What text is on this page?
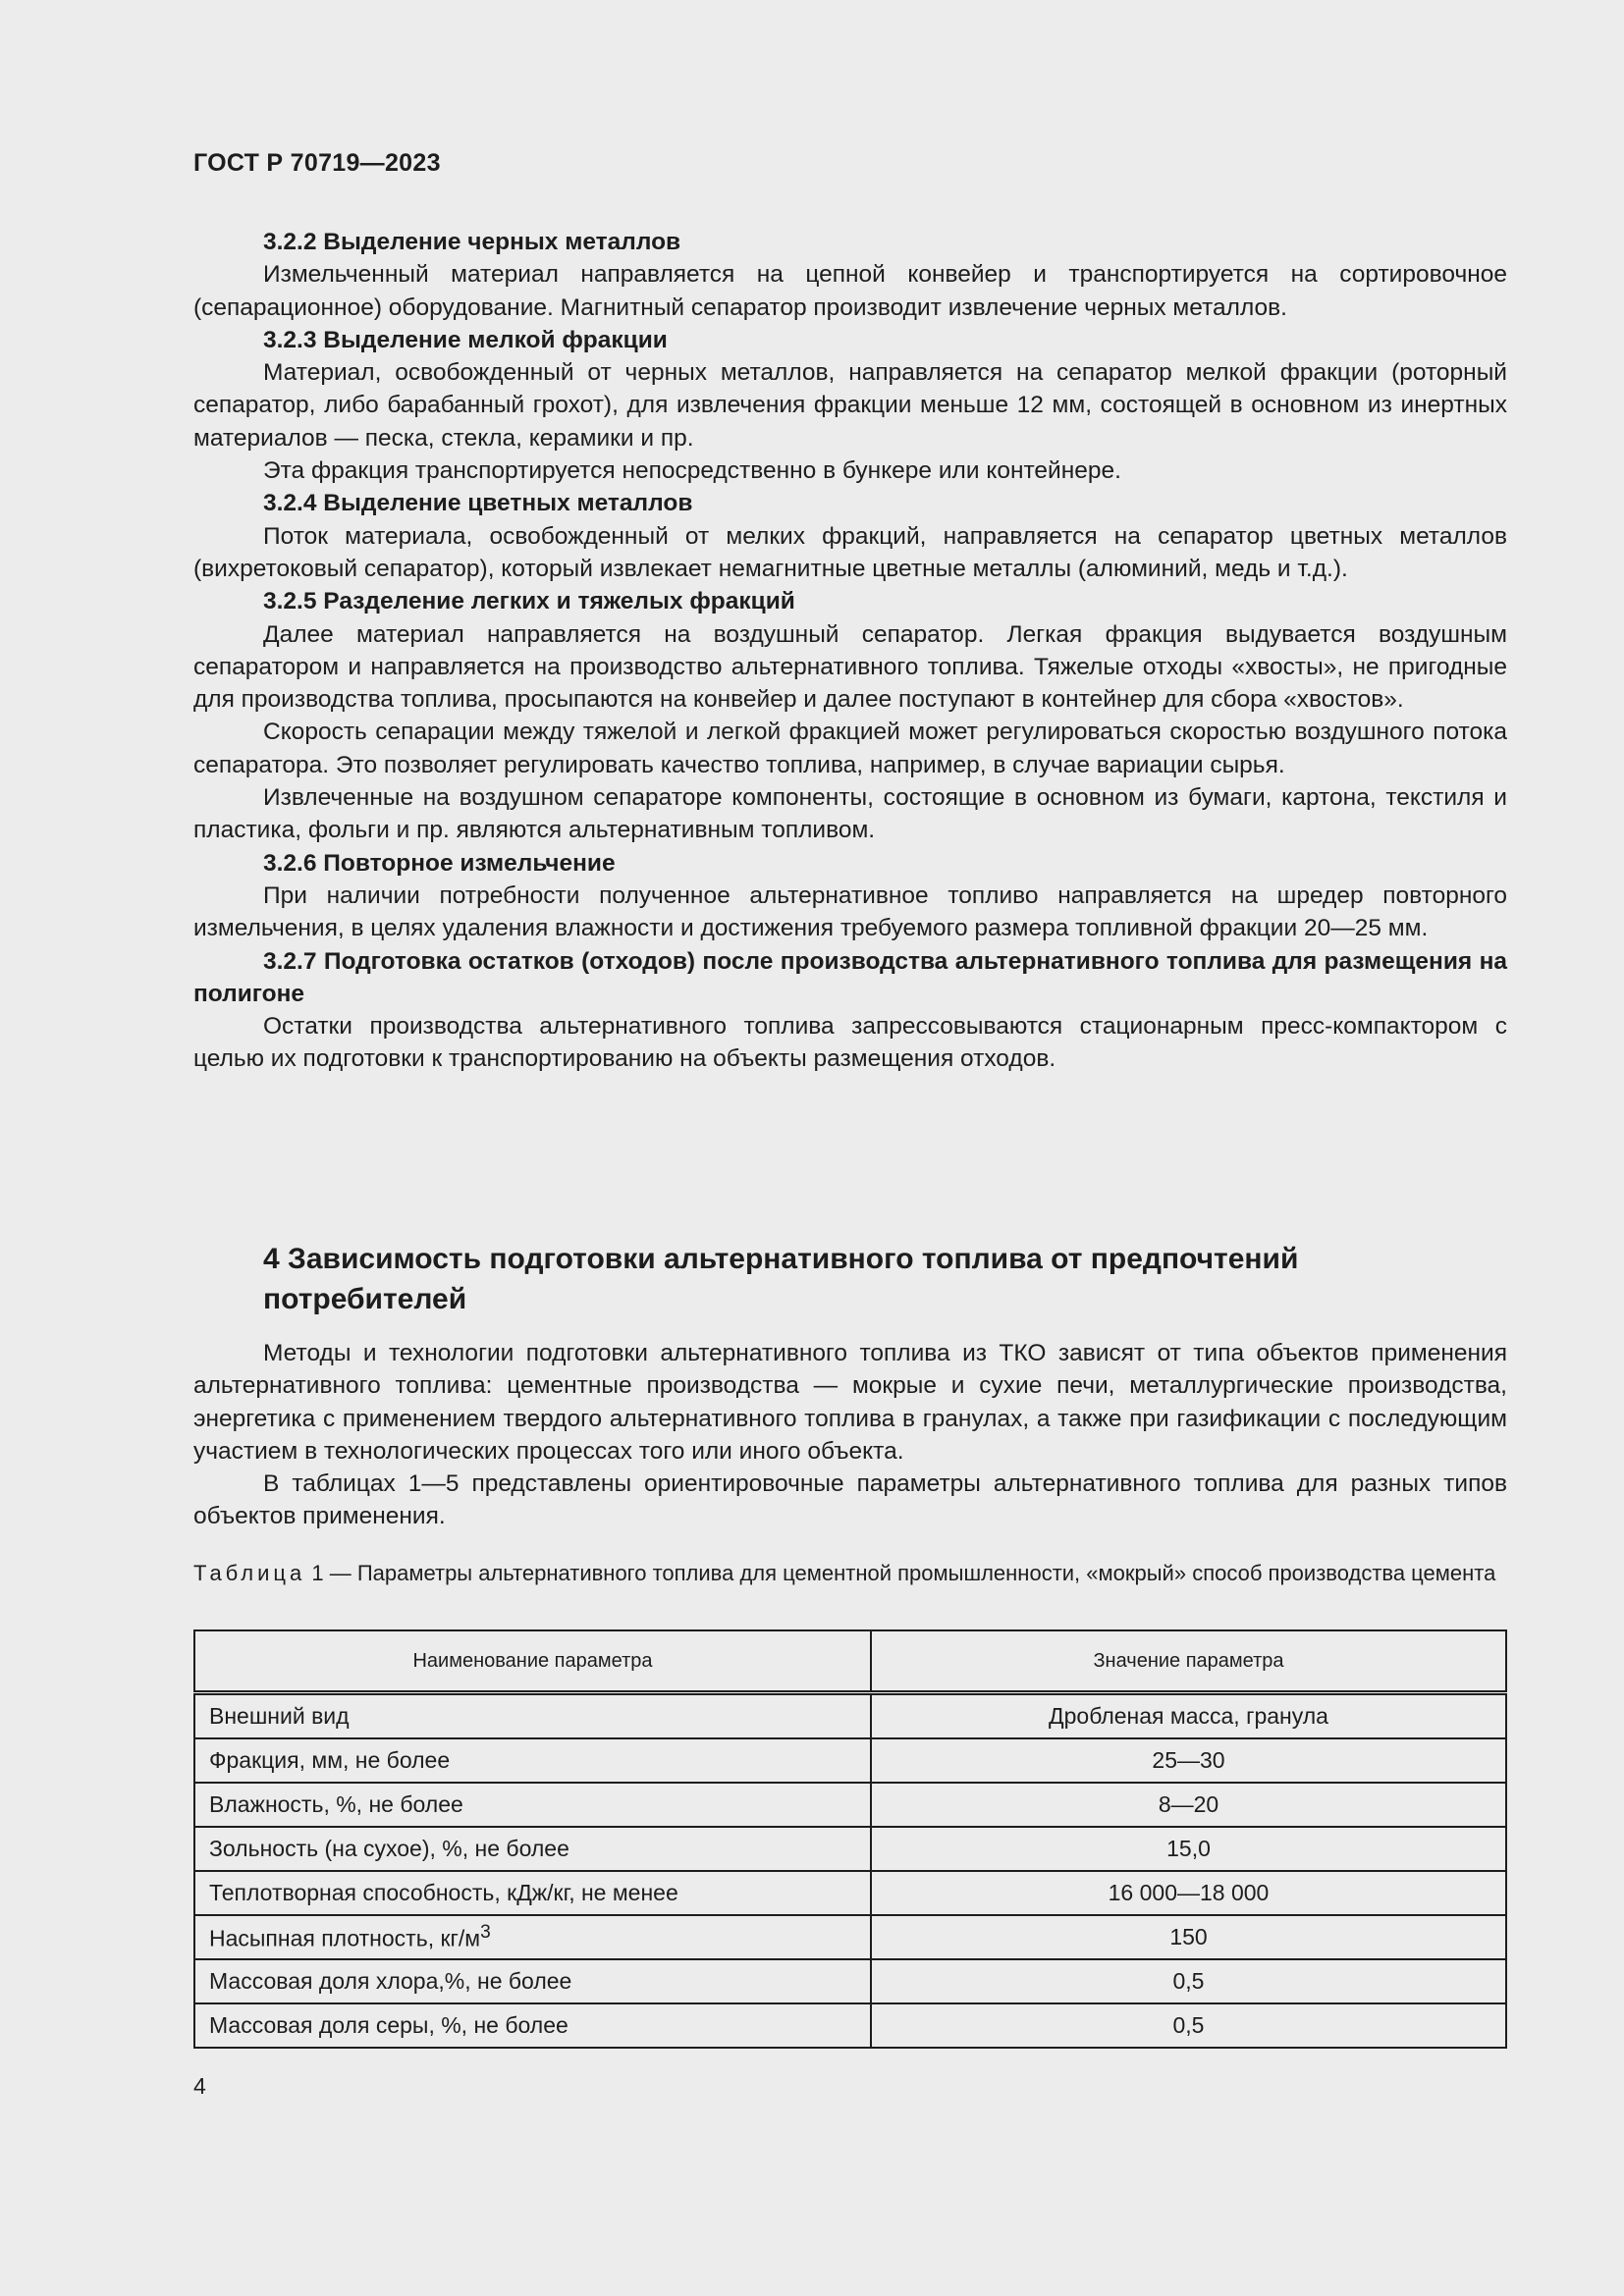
ГОСТ Р 70719—2023

3.2.2 Выделение черных металлов

Измельченный материал направляется на цепной конвейер и транспортируется на сортировочное (сепарационное) оборудование. Магнитный сепаратор производит извлечение черных металлов.

3.2.3 Выделение мелкой фракции

Материал, освобожденный от черных металлов, направляется на сепаратор мелкой фракции (роторный сепаратор, либо барабанный грохот), для извлечения фракции меньше 12 мм, состоящей в основном из инертных материалов — песка, стекла, керамики и пр.

Эта фракция транспортируется непосредственно в бункере или контейнере.

3.2.4 Выделение цветных металлов

Поток материала, освобожденный от мелких фракций, направляется на сепаратор цветных металлов (вихретоковый сепаратор), который извлекает немагнитные цветные металлы (алюминий, медь и т.д.).

3.2.5 Разделение легких и тяжелых фракций

Далее материал направляется на воздушный сепаратор. Легкая фракция выдувается воздушным сепаратором и направляется на производство альтернативного топлива. Тяжелые отходы «хвосты», не пригодные для производства топлива, просыпаются на конвейер и далее поступают в контейнер для сбора «хвостов».

Скорость сепарации между тяжелой и легкой фракцией может регулироваться скоростью воздушного потока сепаратора. Это позволяет регулировать качество топлива, например, в случае вариации сырья.

Извлеченные на воздушном сепараторе компоненты, состоящие в основном из бумаги, картона, текстиля и пластика, фольги и пр. являются альтернативным топливом.

3.2.6 Повторное измельчение

При наличии потребности полученное альтернативное топливо направляется на шредер повторного измельчения, в целях удаления влажности и достижения требуемого размера топливной фракции 20—25 мм.

3.2.7 Подготовка остатков (отходов) после производства альтернативного топлива для размещения на полигоне

Остатки производства альтернативного топлива запрессовываются стационарным пресс-компактором с целью их подготовки к транспортированию на объекты размещения отходов.

4 Зависимость подготовки альтернативного топлива от предпочтений потребителей

Методы и технологии подготовки альтернативного топлива из ТКО зависят от типа объектов применения альтернативного топлива: цементные производства — мокрые и сухие печи, металлургические производства, энергетика с применением твердого альтернативного топлива в гранулах, а также при газификации с последующим участием в технологических процессах того или иного объекта.

В таблицах 1—5 представлены ориентировочные параметры альтернативного топлива для разных типов объектов применения.

Таблица 1 — Параметры альтернативного топлива для цементной промышленности, «мокрый» способ производства цемента
Наименование параметра	Значение параметра
Внешний вид	Дробленая масса, гранула
Фракция, мм, не более	25—30
Влажность, %, не более	8—20
Зольность (на сухое), %, не более	15,0
Теплотворная способность, кДж/кг, не менее	16 000—18 000
Насыпная плотность, $кг/м^3$	150
Массовая доля хлора,%, не более	0,5
Массовая доля серы, %, не более	0,5
4
